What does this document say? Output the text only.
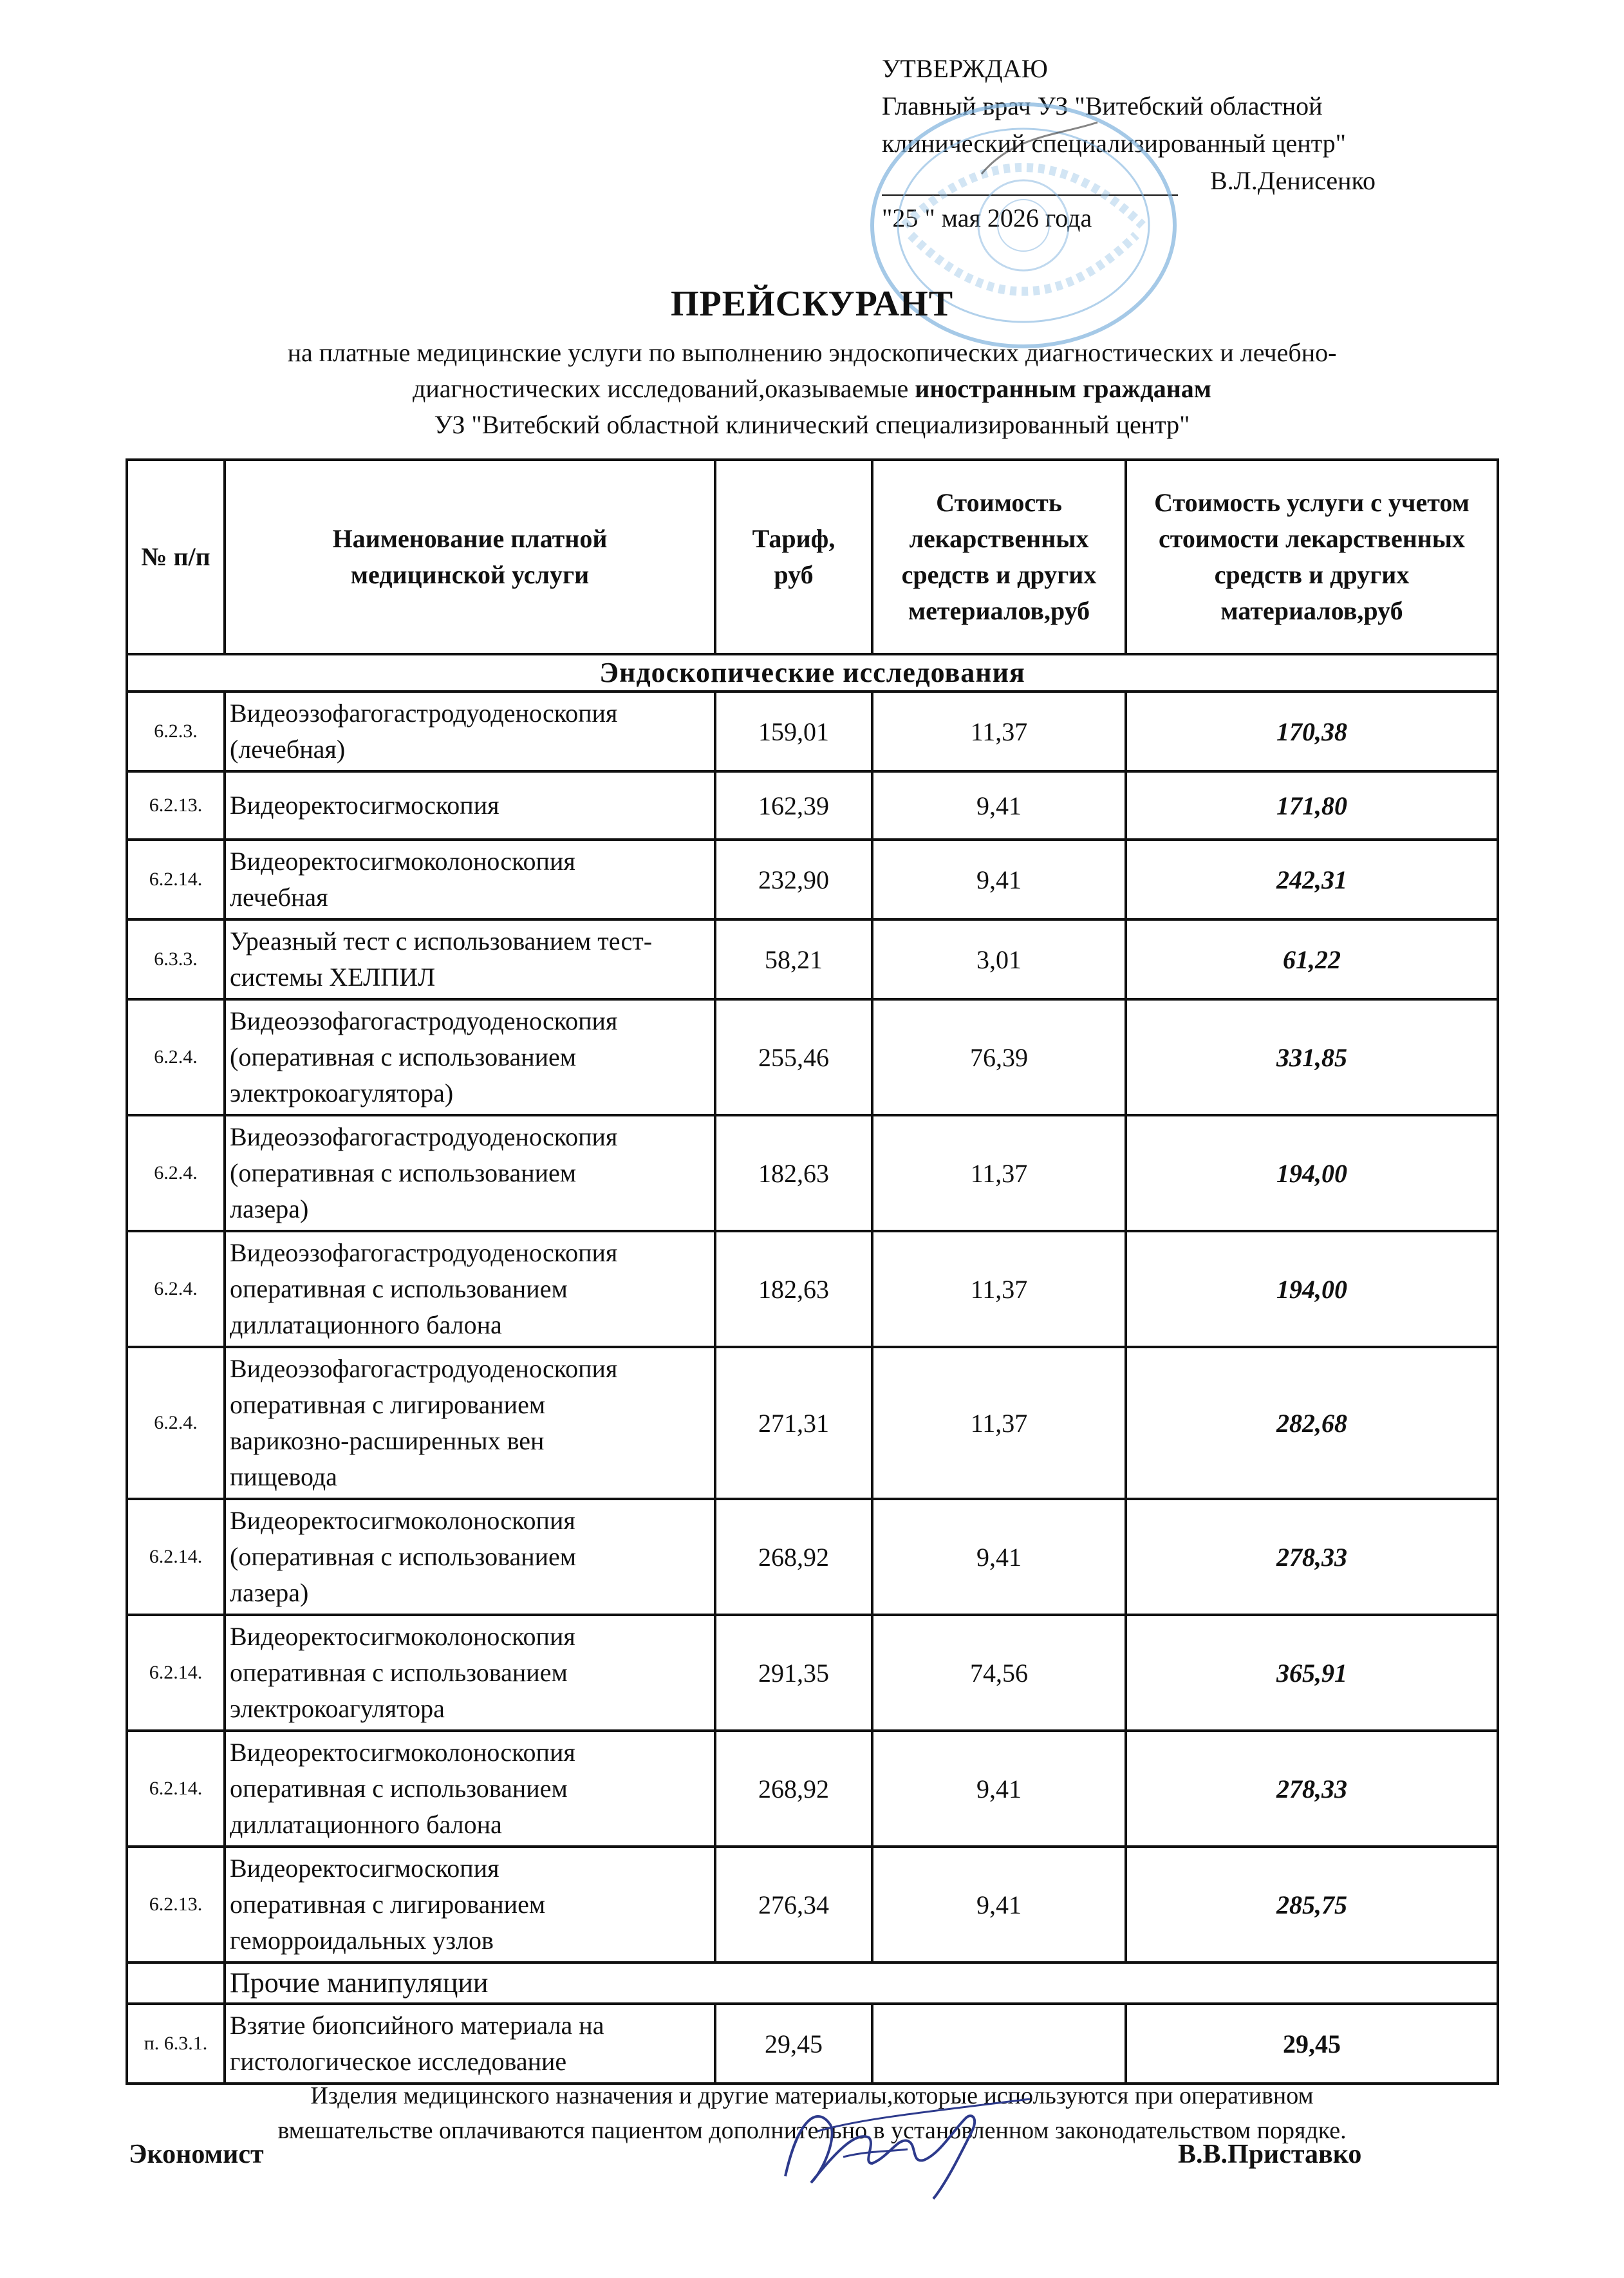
УТВЕРЖДАЮ
Главный врач УЗ "Витебский областной
клинический специализированный центр"
В.Л.Денисенко
"25 " мая 2026 года
ПРЕЙСКУРАНТ
на платные медицинские услуги по выполнению эндоскопических диагностических и лечебно-
диагностических исследований,оказываемые иностранным гражданам
УЗ "Витебский областной клинический специализированный центр"
№ п/п	Наименование платной медицинской услуги	Тариф, руб	Стоимость лекарственных средств и других метериалов,руб	Стоимость услуги с учетом стоимости лекарственных средств и других материалов,руб
Эндоскопические исследования				
6.2.3.	Видеоэзофагогастродуоденоскопия
(лечебная)	159,01	11,37	170,38
6.2.13.	Видеоректосигмоскопия	162,39	9,41	171,80
6.2.14.	Видеоректосигмоколоноскопия
лечебная	232,90	9,41	242,31
6.3.3.	Уреазный тест с использованием тест-
системы ХЕЛПИЛ	58,21	3,01	61,22
6.2.4.	Видеоэзофагогастродуоденоскопия
(оперативная с использованием
электрокоагулятора)	255,46	76,39	331,85
6.2.4.	Видеоэзофагогастродуоденоскопия
(оперативная с использованием
лазера)	182,63	11,37	194,00
6.2.4.	Видеоэзофагогастродуоденоскопия
оперативная с использованием
диллатационного балона	182,63	11,37	194,00
6.2.4.	Видеоэзофагогастродуоденоскопия
оперативная с лигированием
варикозно-расширенных вен
пищевода	271,31	11,37	282,68
6.2.14.	Видеоректосигмоколоноскопия
(оперативная с использованием
лазера)	268,92	9,41	278,33
6.2.14.	Видеоректосигмоколоноскопия
оперативная с использованием
электрокоагулятора	291,35	74,56	365,91
6.2.14.	Видеоректосигмоколоноскопия
оперативная с использованием
диллатационного балона	268,92	9,41	278,33
6.2.13.	Видеоректосигмоскопия
оперативная с лигированием
геморроидальных узлов	276,34	9,41	285,75
	Прочие манипуляции			
п. 6.3.1.	Взятие биопсийного материала на
гистологическое исследование	29,45		29,45
Изделия медицинского назначения и другие материалы,которые используются при оперативном
вмешательстве оплачиваются пациентом дополнительно в установленном законодательством порядке.
Экономист	В.В.Приставко
